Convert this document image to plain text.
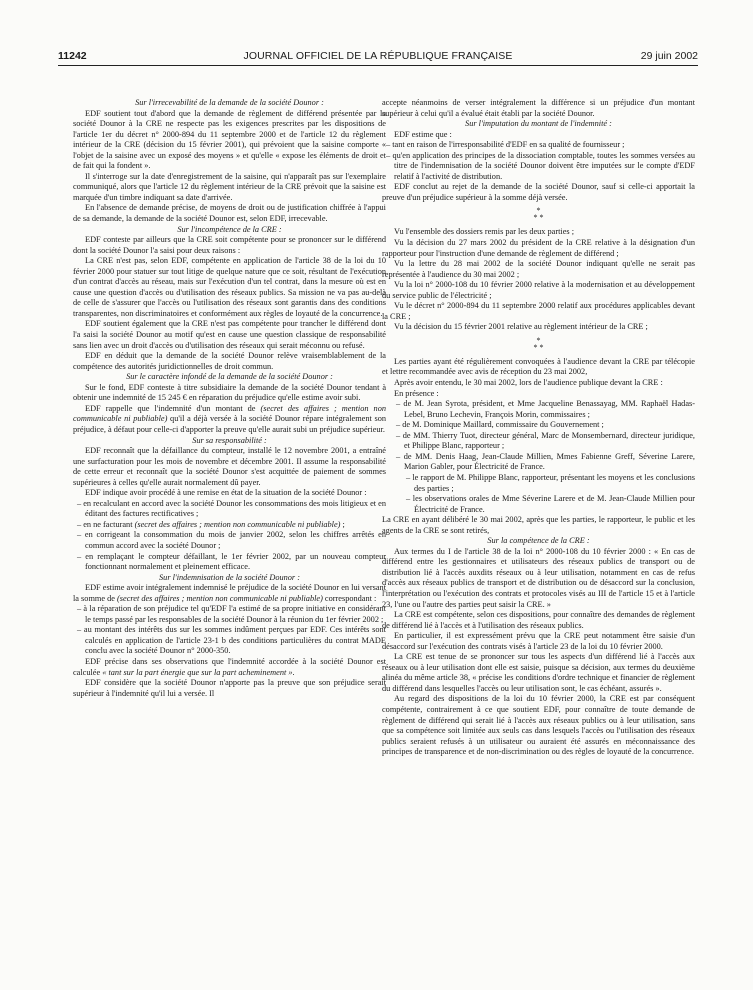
11242	JOURNAL OFFICIEL DE LA RÉPUBLIQUE FRANÇAISE	29 juin 2002

Sur l'irrecevabilité de la demande de la société Dounor :

EDF soutient tout d'abord que la demande de règlement de différend présentée par la société Dounor à la CRE ne respecte pas les exigences prescrites par les dispositions de l'article 1er du décret n° 2000-894 du 11 septembre 2000 et de l'article 12 du règlement intérieur de la CRE (décision du 15 février 2001), qui prévoient que la saisine comporte « l'objet de la saisine avec un exposé des moyens » et qu'elle « expose les éléments de droit et de fait qui la fondent ».

Il s'interroge sur la date d'enregistrement de la saisine, qui n'apparaît pas sur l'exemplaire communiqué, alors que l'article 12 du règlement intérieur de la CRE prévoit que la saisine est marquée d'un timbre indiquant sa date d'arrivée.

En l'absence de demande précise, de moyens de droit ou de justification chiffrée à l'appui de sa demande, la demande de la société Dounor est, selon EDF, irrecevable.

Sur l'incompétence de la CRE :

EDF conteste par ailleurs que la CRE soit compétente pour se prononcer sur le différend dont la société Dounor l'a saisi pour deux raisons :

La CRE n'est pas, selon EDF, compétente en application de l'article 38 de la loi du 10 février 2000 pour statuer sur tout litige de quelque nature que ce soit, résultant de l'exécution d'un contrat d'accès au réseau, mais sur l'exécution d'un tel contrat, dans la mesure où est en cause une question d'accès ou d'utilisation des réseaux publics. Sa mission ne va pas au-delà de celle de s'assurer que l'accès ou l'utilisation des réseaux sont garantis dans des conditions transparentes, non discriminatoires et conformément aux règles de loyauté de la concurrence.

EDF soutient également que la CRE n'est pas compétente pour trancher le différend dont l'a saisi la société Dounor au motif qu'est en cause une question classique de responsabilité sans lien avec un droit d'accès ou d'utilisation des réseaux qui serait méconnu ou refusé.

EDF en déduit que la demande de la société Dounor relève vraisemblablement de la compétence des autorités juridictionnelles de droit commun.

Sur le caractère infondé de la demande de la société Dounor :

Sur le fond, EDF conteste à titre subsidiaire la demande de la société Dounor tendant à obtenir une indemnité de 15 245 € en réparation du préjudice qu'elle estime avoir subi.

EDF rappelle que l'indemnité d'un montant de (secret des affaires ; mention non communicable ni publiable) qu'il a déjà versée à la société Dounor répare intégralement son préjudice, à défaut pour celle-ci d'apporter la preuve qu'elle aurait subi un préjudice supérieur.

Sur sa responsabilité :

EDF reconnaît que la défaillance du compteur, installé le 12 novembre 2001, a entraîné une surfacturation pour les mois de novembre et décembre 2001. Il assume la responsabilité de cette erreur et reconnaît que la société Dounor s'est acquittée de paiement de sommes supérieures à celles qu'elle aurait normalement dû payer.

EDF indique avoir procédé à une remise en état de la situation de la société Dounor :

– en recalculant en accord avec la société Dounor les consommations des mois litigieux et en éditant des factures rectificatives ;
– en ne facturant (secret des affaires ; mention non communicable ni publiable) ;
– en corrigeant la consommation du mois de janvier 2002, selon les chiffres arrêtés en commun accord avec la société Dounor ;
– en remplaçant le compteur défaillant, le 1er février 2002, par un nouveau compteur fonctionnant normalement et pleinement efficace.

Sur l'indemnisation de la société Dounor :

EDF estime avoir intégralement indemnisé le préjudice de la société Dounor en lui versant la somme de (secret des affaires ; mention non communicable ni publiable) correspondant :

– à la réparation de son préjudice tel qu'EDF l'a estimé de sa propre initiative en considérant le temps passé par les responsables de la société Dounor à la réunion du 1er février 2002 ;
– au montant des intérêts dus sur les sommes indûment perçues par EDF. Ces intérêts sont calculés en application de l'article 23-1 b des conditions particulières du contrat MADE conclu avec la société Dounor n° 2000-350.

EDF précise dans ses observations que l'indemnité accordée à la société Dounor est calculée « tant sur la part énergie que sur la part acheminement ».

EDF considère que la société Dounor n'apporte pas la preuve que son préjudice serait supérieur à l'indemnité qu'il lui a versée. Il

accepte néanmoins de verser intégralement la différence si un préjudice d'un montant supérieur à celui qu'il a évalué était établi par la société Dounor.

Sur l'imputation du montant de l'indemnité :

EDF estime que :

– tant en raison de l'irresponsabilité d'EDF en sa qualité de fournisseur ;
– qu'en application des principes de la dissociation comptable, toutes les sommes versées au titre de l'indemnisation de la société Dounor doivent être imputées sur le compte d'EDF relatif à l'activité de distribution.

EDF conclut au rejet de la demande de la société Dounor, sauf si celle-ci apportait la preuve d'un préjudice supérieur à la somme déjà versée.

*
* *

Vu l'ensemble des dossiers remis par les deux parties ;

Vu la décision du 27 mars 2002 du président de la CRE relative à la désignation d'un rapporteur pour l'instruction d'une demande de règlement de différend ;

Vu la lettre du 28 mai 2002 de la société Dounor indiquant qu'elle ne serait pas représentée à l'audience du 30 mai 2002 ;

Vu la loi n° 2000-108 du 10 février 2000 relative à la modernisation et au développement du service public de l'électricité ;

Vu le décret n° 2000-894 du 11 septembre 2000 relatif aux procédures applicables devant la CRE ;

Vu la décision du 15 février 2001 relative au règlement intérieur de la CRE ;

*
* *

Les parties ayant été régulièrement convoquées à l'audience devant la CRE par télécopie et lettre recommandée avec avis de réception du 23 mai 2002,

Après avoir entendu, le 30 mai 2002, lors de l'audience publique devant la CRE :

En présence :

– de M. Jean Syrota, président, et Mme Jacqueline Benassayag, MM. Raphaël Hadas-Lebel, Bruno Lechevin, François Morin, commissaires ;
– de M. Dominique Maillard, commissaire du Gouvernement ;
– de MM. Thierry Tuot, directeur général, Marc de Monsembernard, directeur juridique, et Philippe Blanc, rapporteur ;
– de MM. Denis Haag, Jean-Claude Millien, Mmes Fabienne Greff, Séverine Larere, Marion Gabler, pour Électricité de France.
– le rapport de M. Philippe Blanc, rapporteur, présentant les moyens et les conclusions des parties ;
– les observations orales de Mme Séverine Larere et de M. Jean-Claude Millien pour Électricité de France.

La CRE en ayant délibéré le 30 mai 2002, après que les parties, le rapporteur, le public et les agents de la CRE se sont retirés,

Sur la compétence de la CRE :

Aux termes du I de l'article 38 de la loi n° 2000-108 du 10 février 2000 : « En cas de différend entre les gestionnaires et utilisateurs des réseaux publics de transport ou de distribution lié à l'accès auxdits réseaux ou à leur utilisation, notamment en cas de refus d'accès aux réseaux publics de transport et de distribution ou de désaccord sur la conclusion, l'interprétation ou l'exécution des contrats et protocoles visés au III de l'article 15 et à l'article 23, l'une ou l'autre des parties peut saisir la CRE. »

La CRE est compétente, selon ces dispositions, pour connaître des demandes de règlement de différend lié à l'accès et à l'utilisation des réseaux publics.

En particulier, il est expressément prévu que la CRE peut notamment être saisie d'un désaccord sur l'exécution des contrats visés à l'article 23 de la loi du 10 février 2000.

La CRE est tenue de se prononcer sur tous les aspects d'un différend lié à l'accès aux réseaux ou à leur utilisation dont elle est saisie, puisque sa décision, aux termes du deuxième alinéa du même article 38, « précise les conditions d'ordre technique et financier de règlement du différend dans lesquelles l'accès ou leur utilisation sont, le cas échéant, assurés ».

Au regard des dispositions de la loi du 10 février 2000, la CRE est par conséquent compétente, contrairement à ce que soutient EDF, pour connaître de toute demande de règlement de différend qui serait lié à l'accès aux réseaux publics ou à leur utilisation, sans que sa compétence soit limitée aux seuls cas dans lesquels l'accès ou l'utilisation des réseaux publics seraient refusés à un utilisateur ou auraient été assurés en méconnaissance des principes de transparence et de non-discrimination ou des règles de loyauté de la concurrence.
